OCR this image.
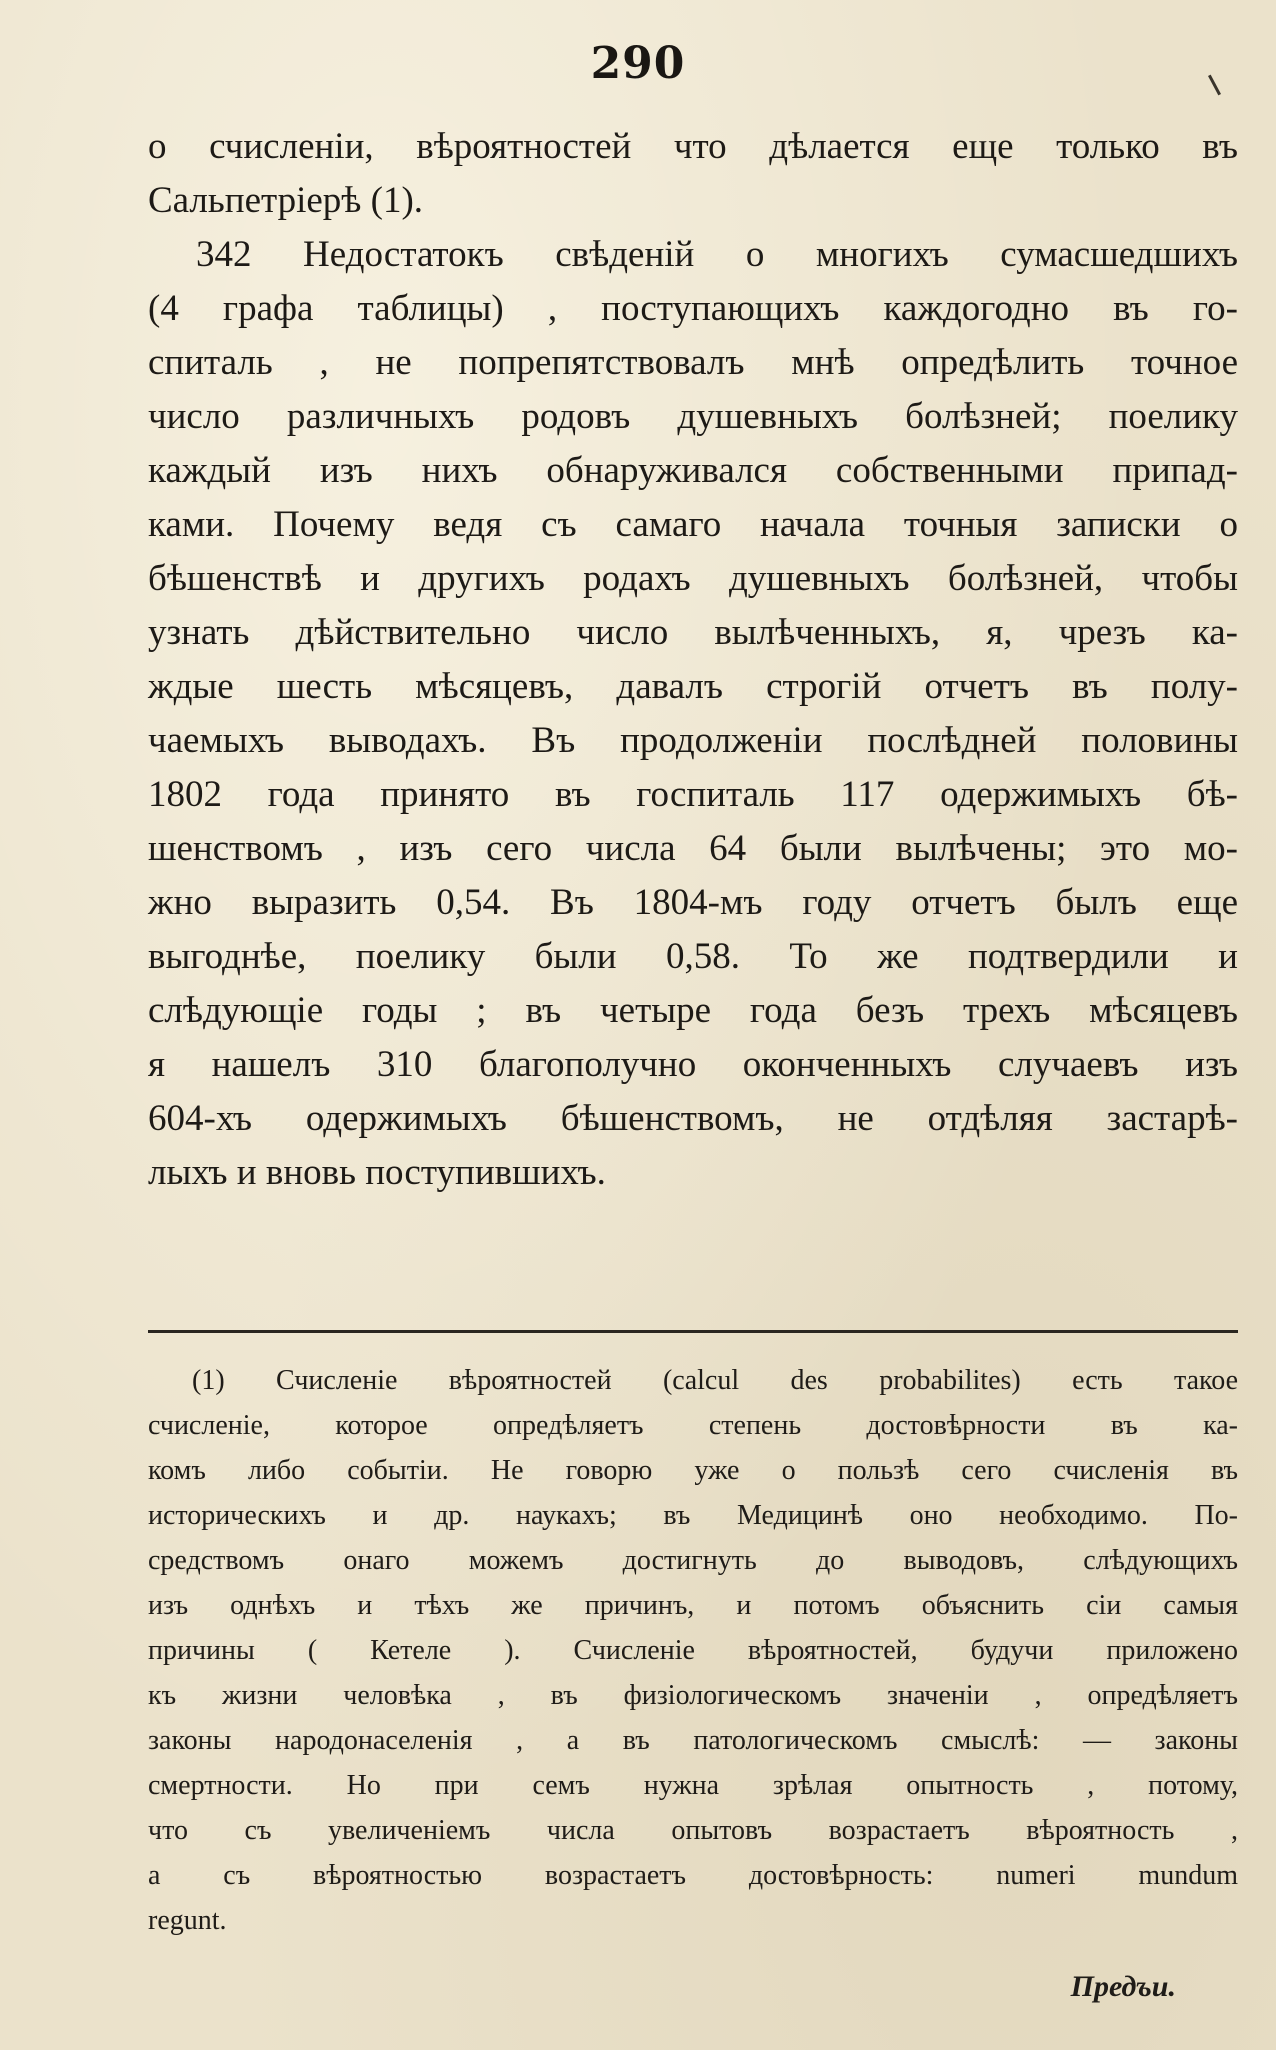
290
о счисленіи, вѣроятностей что дѣлается еще только въ
Сальпетріерѣ (1).
342 Недостатокъ свѣденій о многихъ сумасшедшихъ
(4 графа таблицы) , поступающихъ каждогодно въ го-
спиталь , не попрепятствовалъ мнѣ опредѣлить точное
число различныхъ родовъ душевныхъ болѣзней; поелику
каждый изъ нихъ обнаруживался собственными припад-
ками. Почему ведя съ самаго начала точныя записки о
бѣшенствѣ и другихъ родахъ душевныхъ болѣзней, чтобы
узнать дѣйствительно число вылѣченныхъ, я, чрезъ ка-
ждые шесть мѣсяцевъ, давалъ строгій отчетъ въ полу-
чаемыхъ выводахъ. Въ продолженіи послѣдней половины
1802 года принято въ госпиталь 117 одержимыхъ бѣ-
шенствомъ , изъ сего числа 64 были вылѣчены; это мо-
жно выразить 0,54. Въ 1804-мъ году отчетъ былъ еще
выгоднѣе, поелику были 0,58. То же подтвердили и
слѣдующіе годы ; въ четыре года безъ трехъ мѣсяцевъ
я нашелъ 310 благополучно оконченныхъ случаевъ изъ
604-хъ одержимыхъ бѣшенствомъ, не отдѣляя застарѣ-
лыхъ и вновь поступившихъ.
(1) Счисленіе вѣроятностей (calcul des probabilites) есть такое
счисленіе, которое опредѣляетъ степень достовѣрности въ ка-
комъ либо событіи. Не говорю уже о пользѣ сего счисленія въ
историческихъ и др. наукахъ; въ Медицинѣ оно необходимо. По-
средствомъ онаго можемъ достигнуть до выводовъ, слѣдующихъ
изъ однѣхъ и тѣхъ же причинъ, и потомъ объяснить сіи самыя
причины ( Кетеле ). Счисленіе вѣроятностей, будучи приложено
къ жизни человѣка , въ физіологическомъ значеніи , опредѣляетъ
законы народонаселенія , а въ патологическомъ смыслѣ: — законы
смертности. Но при семъ нужна зрѣлая опытность , потому,
что съ увеличеніемъ числа опытовъ возрастаетъ вѣроятность ,
а съ вѣроятностью возрастаетъ достовѣрность: numeri mundum
regunt.
Предъи.
